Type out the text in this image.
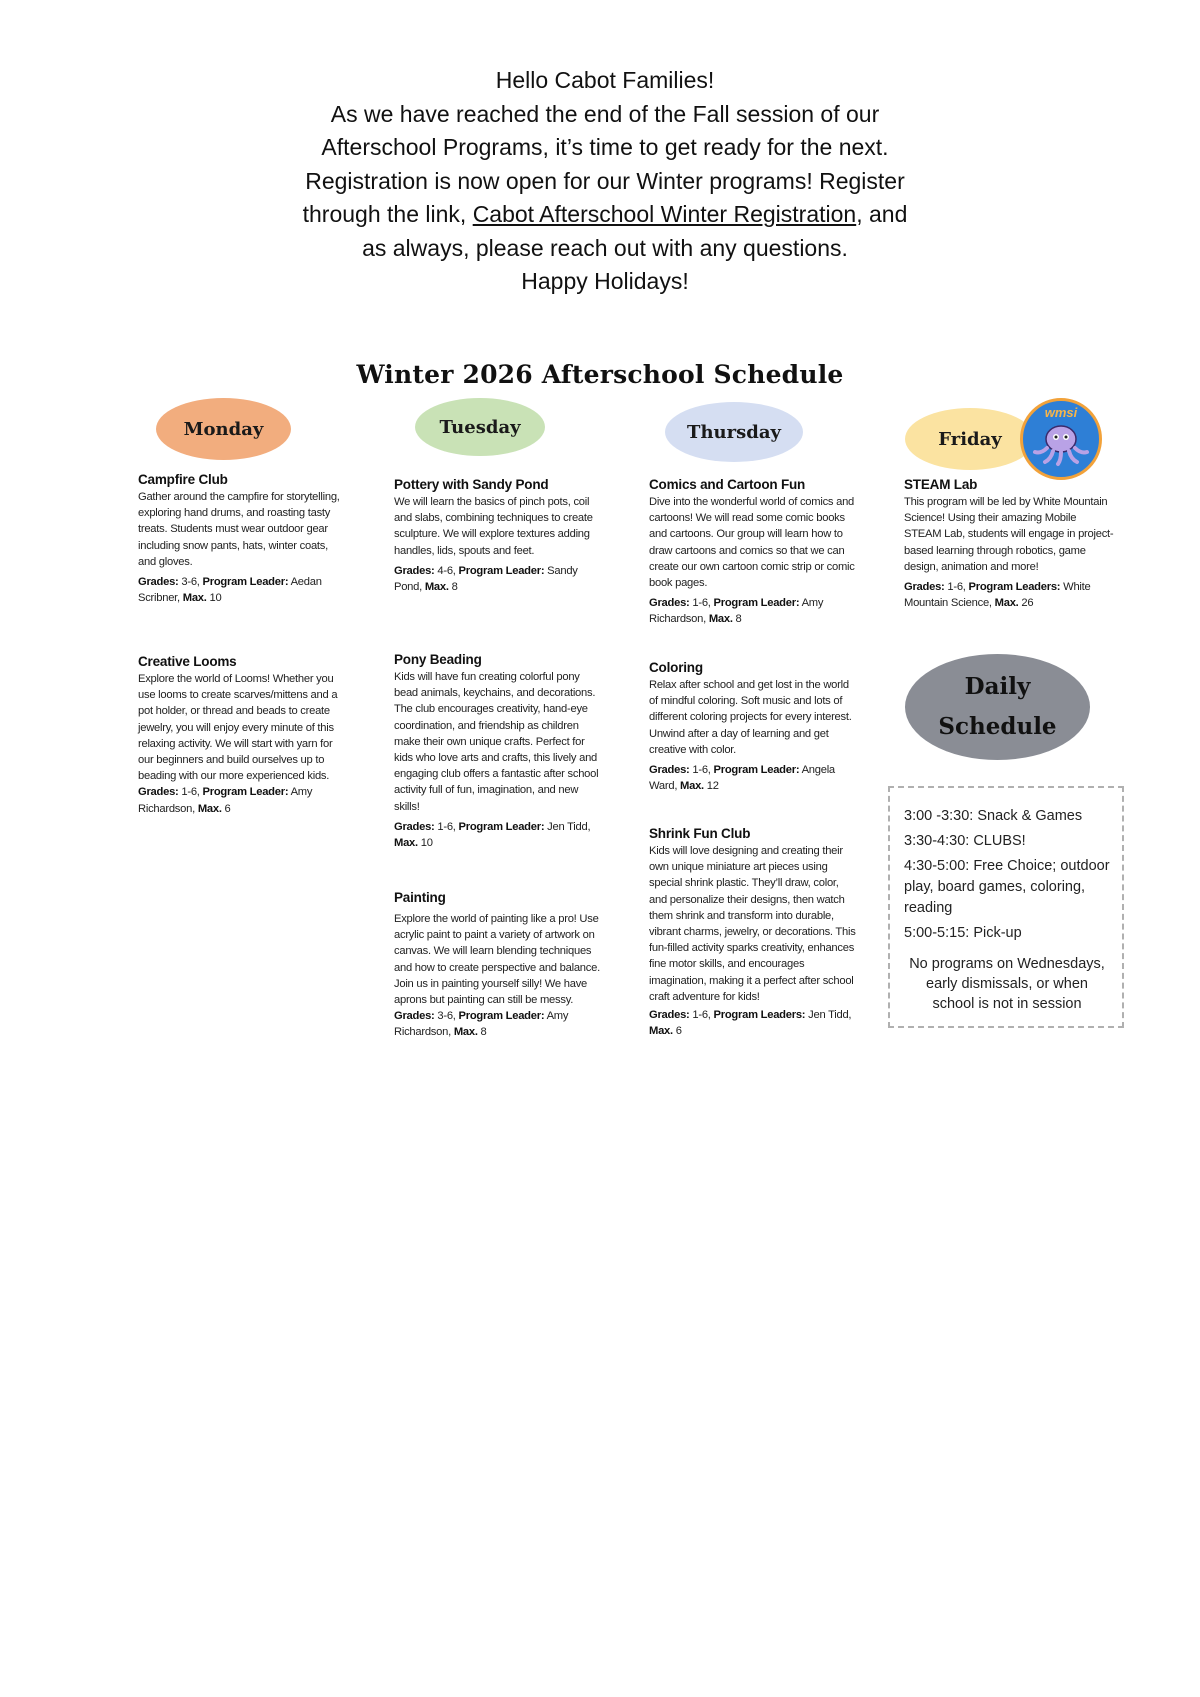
Hello Cabot Families!

As we have reached the end of the Fall session of our Afterschool Programs, it’s time to get ready for the next. Registration is now open for our Winter programs! Register through the link, Cabot Afterschool Winter Registration, and as always, please reach out with any questions.

Happy Holidays!

Winter 2026 Afterschool Schedule
Monday
Campfire Club
Gather around the campfire for storytelling, exploring hand drums, and roasting tasty treats. Students must wear outdoor gear including snow pants, hats, winter coats, and gloves.
Grades: 3-6, Program Leader: Aedan Scribner, Max. 10
Creative Looms
Explore the world of Looms! Whether you use looms to create scarves/mittens and a pot holder, or thread and beads to create jewelry, you will enjoy every minute of this relaxing activity. We will start with yarn for our beginners and build ourselves up to beading with our more experienced kids.
Grades: 1-6, Program Leader: Amy Richardson, Max. 6
Tuesday
Pottery with Sandy Pond
We will learn the basics of pinch pots, coil and slabs, combining techniques to create sculpture. We will explore textures adding handles, lids, spouts and feet.
Grades: 4-6, Program Leader: Sandy Pond, Max. 8
Pony Beading
Kids will have fun creating colorful pony bead animals, keychains, and decorations. The club encourages creativity, hand-eye coordination, and friendship as children make their own unique crafts. Perfect for kids who love arts and crafts, this lively and engaging club offers a fantastic after school activity full of fun, imagination, and new skills!
Grades: 1-6, Program Leader: Jen Tidd, Max. 10
Painting
Explore the world of painting like a pro! Use acrylic paint to paint a variety of artwork on canvas. We will learn blending techniques and how to create perspective and balance. Join us in painting yourself silly! We have aprons but painting can still be messy.
Grades: 3-6, Program Leader: Amy Richardson, Max. 8
Thursday
Comics and Cartoon Fun
Dive into the wonderful world of comics and cartoons! We will read some comic books and cartoons. Our group will learn how to draw cartoons and comics so that we can create our own cartoon comic strip or comic book pages.
Grades: 1-6, Program Leader: Amy Richardson, Max. 8
Coloring
Relax after school and get lost in the world of mindful coloring. Soft music and lots of different coloring projects for every interest. Unwind after a day of learning and get creative with color.
Grades: 1-6, Program Leader: Angela Ward, Max. 12
Shrink Fun Club
Kids will love designing and creating their own unique miniature art pieces using special shrink plastic. They’ll draw, color, and personalize their designs, then watch them shrink and transform into durable, vibrant charms, jewelry, or decorations. This fun-filled activity sparks creativity, enhances fine motor skills, and encourages imagination, making it a perfect after school craft adventure for kids!
Grades: 1-6, Program Leaders: Jen Tidd, Max. 6
Friday
wmsi
STEAM Lab
This program will be led by White Mountain Science! Using their amazing Mobile STEAM Lab, students will engage in project-based learning through robotics, game design, animation and more!
Grades: 1-6, Program Leaders: White Mountain Science, Max. 26
Daily
Schedule
3:00 -3:30: Snack & Games
3:30-4:30: CLUBS!
4:30-5:00: Free Choice; outdoor play, board games, coloring, reading
5:00-5:15: Pick-up
No programs on Wednesdays, early dismissals, or when school is not in session
